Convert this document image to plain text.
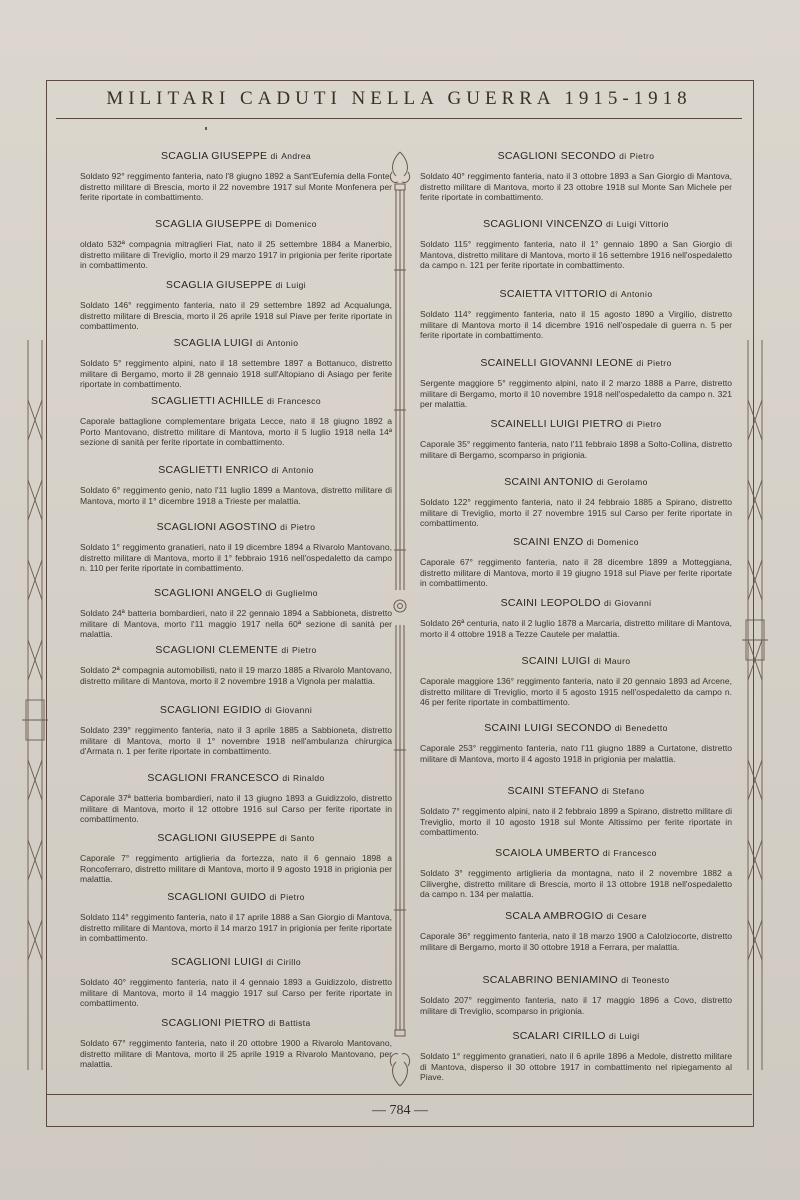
MILITARI CADUTI NELLA GUERRA 1915-1918
SCAGLIA GIUSEPPE di Andrea
Soldato 92° reggimento fanteria, nato l'8 giugno 1892 a Sant'Eufemia della Fonte, distretto militare di Brescia, morto il 22 novembre 1917 sul Monte Monfenera per ferite riportate in combattimento.
SCAGLIA GIUSEPPE di Domenico
oldato 532ª compagnia mitraglieri Fiat, nato il 25 settembre 1884 a Manerbio, distretto militare di Treviglio, morto il 29 marzo 1917 in prigionia per ferite riportate in combattimento.
SCAGLIA GIUSEPPE di Luigi
Soldato 146° reggimento fanteria, nato il 29 settembre 1892 ad Acqualunga, distretto militare di Brescia, morto il 26 aprile 1918 sul Piave per ferite riportate in combattimento.
SCAGLIA LUIGI di Antonio
Soldato 5° reggimento alpini, nato il 18 settembre 1897 a Bottanuco, distretto militare di Bergamo, morto il 28 gennaio 1918 sull'Altopiano di Asiago per ferite riportate in combattimento.
SCAGLIETTI ACHILLE di Francesco
Caporale battaglione complementare brigata Lecce, nato il 18 giugno 1892 a Porto Mantovano, distretto militare di Mantova, morto il 5 luglio 1918 nella 14ª sezione di sanità per ferite riportate in combattimento.
SCAGLIETTI ENRICO di Antonio
Soldato 6° reggimento genio, nato l'11 luglio 1899 a Mantova, distretto militare di Mantova, morto il 1° dicembre 1918 a Trieste per malattia.
SCAGLIONI AGOSTINO di Pietro
Soldato 1° reggimento granatieri, nato il 19 dicembre 1894 a Rivarolo Mantovano, distretto militare di Mantova, morto il 1° febbraio 1916 nell'ospedaletto da campo n. 110 per ferite riportate in combattimento.
SCAGLIONI ANGELO di Guglielmo
Soldato 24ª batteria bombardieri, nato il 22 gennaio 1894 a Sabbioneta, distretto militare di Mantova, morto l'11 maggio 1917 nella 60ª sezione di sanità per malattia.
SCAGLIONI CLEMENTE di Pietro
Soldato 2ª compagnia automobilisti, nato il 19 marzo 1885 a Rivarolo Mantovano, distretto militare di Mantova, morto il 2 novembre 1918 a Vignola per malattia.
SCAGLIONI EGIDIO di Giovanni
Soldato 239° reggimento fanteria, nato il 3 aprile 1885 a Sabbioneta, distretto militare di Mantova, morto il 1° novembre 1918 nell'ambulanza chirurgica d'Armata n. 1 per ferite riportate in combattimento.
SCAGLIONI FRANCESCO di Rinaldo
Caporale 37ª batteria bombardieri, nato il 13 giugno 1893 a Guidizzolo, distretto militare di Mantova, morto il 12 ottobre 1916 sul Carso per ferite riportate in combattimento.
SCAGLIONI GIUSEPPE di Santo
Caporale 7° reggimento artiglieria da fortezza, nato il 6 gennaio 1898 a Roncoferraro, distretto militare di Mantova, morto il 9 agosto 1918 in prigionia per malattia.
SCAGLIONI GUIDO di Pietro
Soldato 114° reggimento fanteria, nato il 17 aprile 1888 a San Giorgio di Mantova, distretto militare di Mantova, morto il 14 marzo 1917 in prigionia per ferite riportate in combattimento.
SCAGLIONI LUIGI di Cirillo
Soldato 40° reggimento fanteria, nato il 4 gennaio 1893 a Guidizzolo, distretto militare di Mantova, morto il 14 maggio 1917 sul Carso per ferite riportate in combattimento.
SCAGLIONI PIETRO di Battista
Soldato 67° reggimento fanteria, nato il 20 ottobre 1900 a Rivarolo Mantovano, distretto militare di Mantova, morto il 25 aprile 1919 a Rivarolo Mantovano, per malattia.
SCAGLIONI SECONDO di Pietro
Soldato 40° reggimento fanteria, nato il 3 ottobre 1893 a San Giorgio di Mantova, distretto militare di Mantova, morto il 23 ottobre 1918 sul Monte San Michele per ferite riportate in combattimento.
SCAGLIONI VINCENZO di Luigi Vittorio
Soldato 115° reggimento fanteria, nato il 1° gennaio 1890 a San Giorgio di Mantova, distretto militare di Mantova, morto il 16 settembre 1916 nell'ospedaletto da campo n. 121 per ferite riportate in combattimento.
SCAIETTA VITTORIO di Antonio
Soldato 114° reggimento fanteria, nato il 15 agosto 1890 a Virgilio, distretto militare di Mantova morto il 14 dicembre 1916 nell'ospedale di guerra n. 5 per ferite riportate in combattimento.
SCAINELLI GIOVANNI LEONE di Pietro
Sergente maggiore 5° reggimento alpini, nato il 2 marzo 1888 a Parre, distretto militare di Bergamo, morto il 10 novembre 1918 nell'ospedaletto da campo n. 321 per malattia.
SCAINELLI LUIGI PIETRO di Pietro
Caporale 35° reggimento fanteria, nato l'11 febbraio 1898 a Solto-Collina, distretto militare di Bergamo, scomparso in prigionia.
SCAINI ANTONIO di Gerolamo
Soldato 122° reggimento fanteria, nato il 24 febbraio 1885 a Spirano, distretto militare di Treviglio, morto il 27 novembre 1915 sul Carso per ferite riportate in combattimento.
SCAINI ENZO di Domenico
Caporale 67° reggimento fanteria, nato il 28 dicembre 1899 a Motteggiana, distretto militare di Mantova, morto il 19 giugno 1918 sul Piave per ferite riportate in combattimento.
SCAINI LEOPOLDO di Giovanni
Soldato 26ª centuria, nato il 2 luglio 1878 a Marcaria, distretto militare di Mantova, morto il 4 ottobre 1918 a Tezze Cautele per malattia.
SCAINI LUIGI di Mauro
Caporale maggiore 136° reggimento fanteria, nato il 20 gennaio 1893 ad Arcene, distretto militare di Treviglio, morto il 5 agosto 1915 nell'ospedaletto da campo n. 46 per ferite riportate in combattimento.
SCAINI LUIGI SECONDO di Benedetto
Caporale 253° reggimento fanteria, nato l'11 giugno 1889 a Curtatone, distretto militare di Mantova, morto il 4 agosto 1918 in prigionia per malattia.
SCAINI STEFANO di Stefano
Soldato 7° reggimento alpini, nato il 2 febbraio 1899 a Spirano, distretto militare di Treviglio, morto il 10 agosto 1918 sul Monte Altissimo per ferite riportate in combattimento.
SCAIOLA UMBERTO di Francesco
Soldato 3° reggimento artiglieria da montagna, nato il 2 novembre 1882 a Ciliverghe, distretto militare di Brescia, morto il 13 ottobre 1918 nell'ospedaletto da campo n. 134 per malattia.
SCALA AMBROGIO di Cesare
Caporale 36° reggimento fanteria, nato il 18 marzo 1900 a Calolziocorte, distretto militare di Bergamo, morto il 30 ottobre 1918 a Ferrara, per malattia.
SCALABRINO BENIAMINO di Teonesto
Soldato 207° reggimento fanteria, nato il 17 maggio 1896 a Covo, distretto militare di Treviglio, scomparso in prigionia.
SCALARI CIRILLO di Luigi
Soldato 1° reggimento granatieri, nato il 6 aprile 1896 a Medole, distretto militare di Mantova, disperso il 30 ottobre 1917 in combattimento nel ripiegamento al Piave.
— 784 —
